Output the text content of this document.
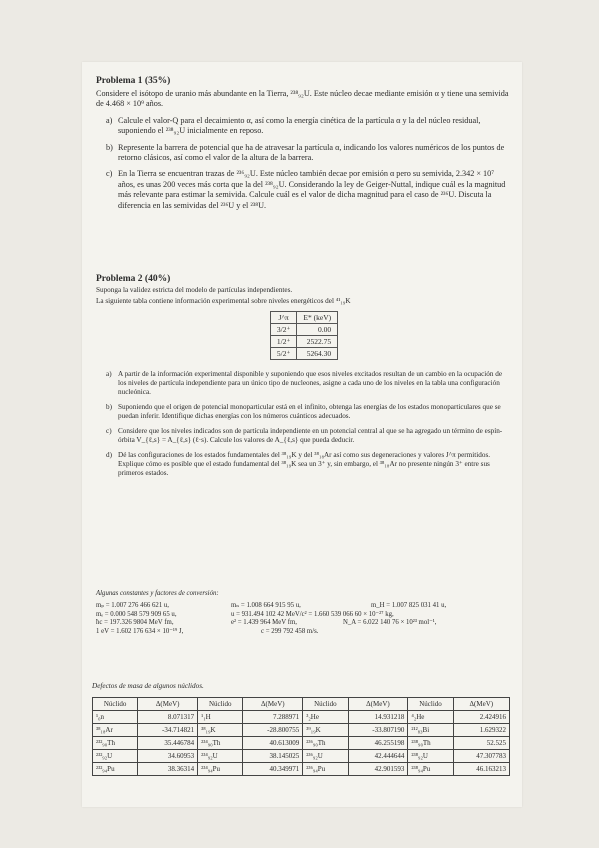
Problema 1 (35%)
Considere el isótopo de uranio más abundante en la Tierra, ²³⁸₉₂U. Este núcleo decae mediante emisión α y tiene una semivida de 4.468 × 10⁹ años.
a) Calcule el valor-Q para el decaimiento α, así como la energía cinética de la partícula α y la del núcleo residual, suponiendo el ²³⁸₉₂U inicialmente en reposo.
b) Represente la barrera de potencial que ha de atravesar la partícula α, indicando los valores numéricos de los puntos de retorno clásicos, así como el valor de la altura de la barrera.
c) En la Tierra se encuentran trazas de ²³⁶₉₂U. Este núcleo también decae por emisión α pero su semivida, 2.342 × 10⁷ años, es unas 200 veces más corta que la del ²³⁸₉₂U. Considerando la ley de Geiger-Nuttal, indique cuál es la magnitud más relevante para estimar la semivida. Calcule cuál es el valor de dicha magnitud para el caso de ²³⁶U. Discuta la diferencia en las semividas del ²³⁶U y el ²³⁸U.
Problema 2 (40%)
Suponga la validez estricta del modelo de partículas independientes.
La siguiente tabla contiene información experimental sobre niveles energéticos del ⁴¹₁₉K
J^π	E* (keV)
3/2⁺	0.00
1/2⁺	2522.75
5/2⁺	5264.30
a) A partir de la información experimental disponible y suponiendo que esos niveles excitados resultan de un cambio en la ocupación de los niveles de partícula independiente para un único tipo de nucleones, asigne a cada uno de los niveles en la tabla una configuración nucleónica.
b) Suponiendo que el origen de potencial monoparticular está en el infinito, obtenga las energías de los estados monoparticulares que se puedan inferir. Identifique dichas energías con los números cuánticos adecuados.
c) Considere que los niveles indicados son de partícula independiente en un potencial central al que se ha agregado un término de espín-órbita V_{ℓ,s} = A_{ℓ,s} (ℓ·s). Calcule los valores de A_{ℓ,s} que pueda deducir.
d) Dé las configuraciones de los estados fundamentales del ³⁸₁₉K y del ³⁸₁₈Ar así como sus degeneraciones y valores J^π permitidos. Explique cómo es posible que el estado fundamental del ³⁸₁₉K sea un 3⁺ y, sin embargo, el ³⁸₁₈Ar no presente ningún 3⁺ entre sus primeros estados.
Algunas constantes y factores de conversión:
mₚ = 1.007 276 466 621 u,	mₙ = 1.008 664 915 95 u,	m_H = 1.007 825 031 41 u,
mₑ = 0.000 548 579 909 65 u,	u = 931.494 102 42 MeV/c² = 1.660 539 066 60 × 10⁻²⁷ kg,
ħc = 197.326 9804 MeV fm,	e² = 1.439 964 MeV fm,	N_A = 6.022 140 76 × 10²³ mol⁻¹,
1 eV = 1.602 176 634 × 10⁻¹⁹ J,	c = 299 792 458 m/s.
Defectos de masa de algunos núclidos.
Núclido	Δ(MeV)	Núclido	Δ(MeV)	Núclido	Δ(MeV)	Núclido	Δ(MeV)
¹₀n	8.071317	¹₁H	7.288971	³₂He	14.931218	⁴₂He	2.424916
³⁸₁₈Ar	-34.714821	³⁸₁₉K	-28.800755	³⁹₁₉K	-33.807190	²¹²₈₃Bi	1.629322
²³²₉₀Th	35.446784	²³⁴₉₀Th	40.613009	²³⁶₉₀Th	46.255198	²³⁸₉₀Th	52.525
²³²₉₂U	34.60953	²³⁴₉₂U	38.145025	²³⁶₉₂U	42.444644	²³⁸₉₂U	47.307783
²³²₉₄Pu	38.36314	²³⁴₉₄Pu	40.349971	²³⁶₉₄Pu	42.901593	²³⁸₉₄Pu	46.163213
